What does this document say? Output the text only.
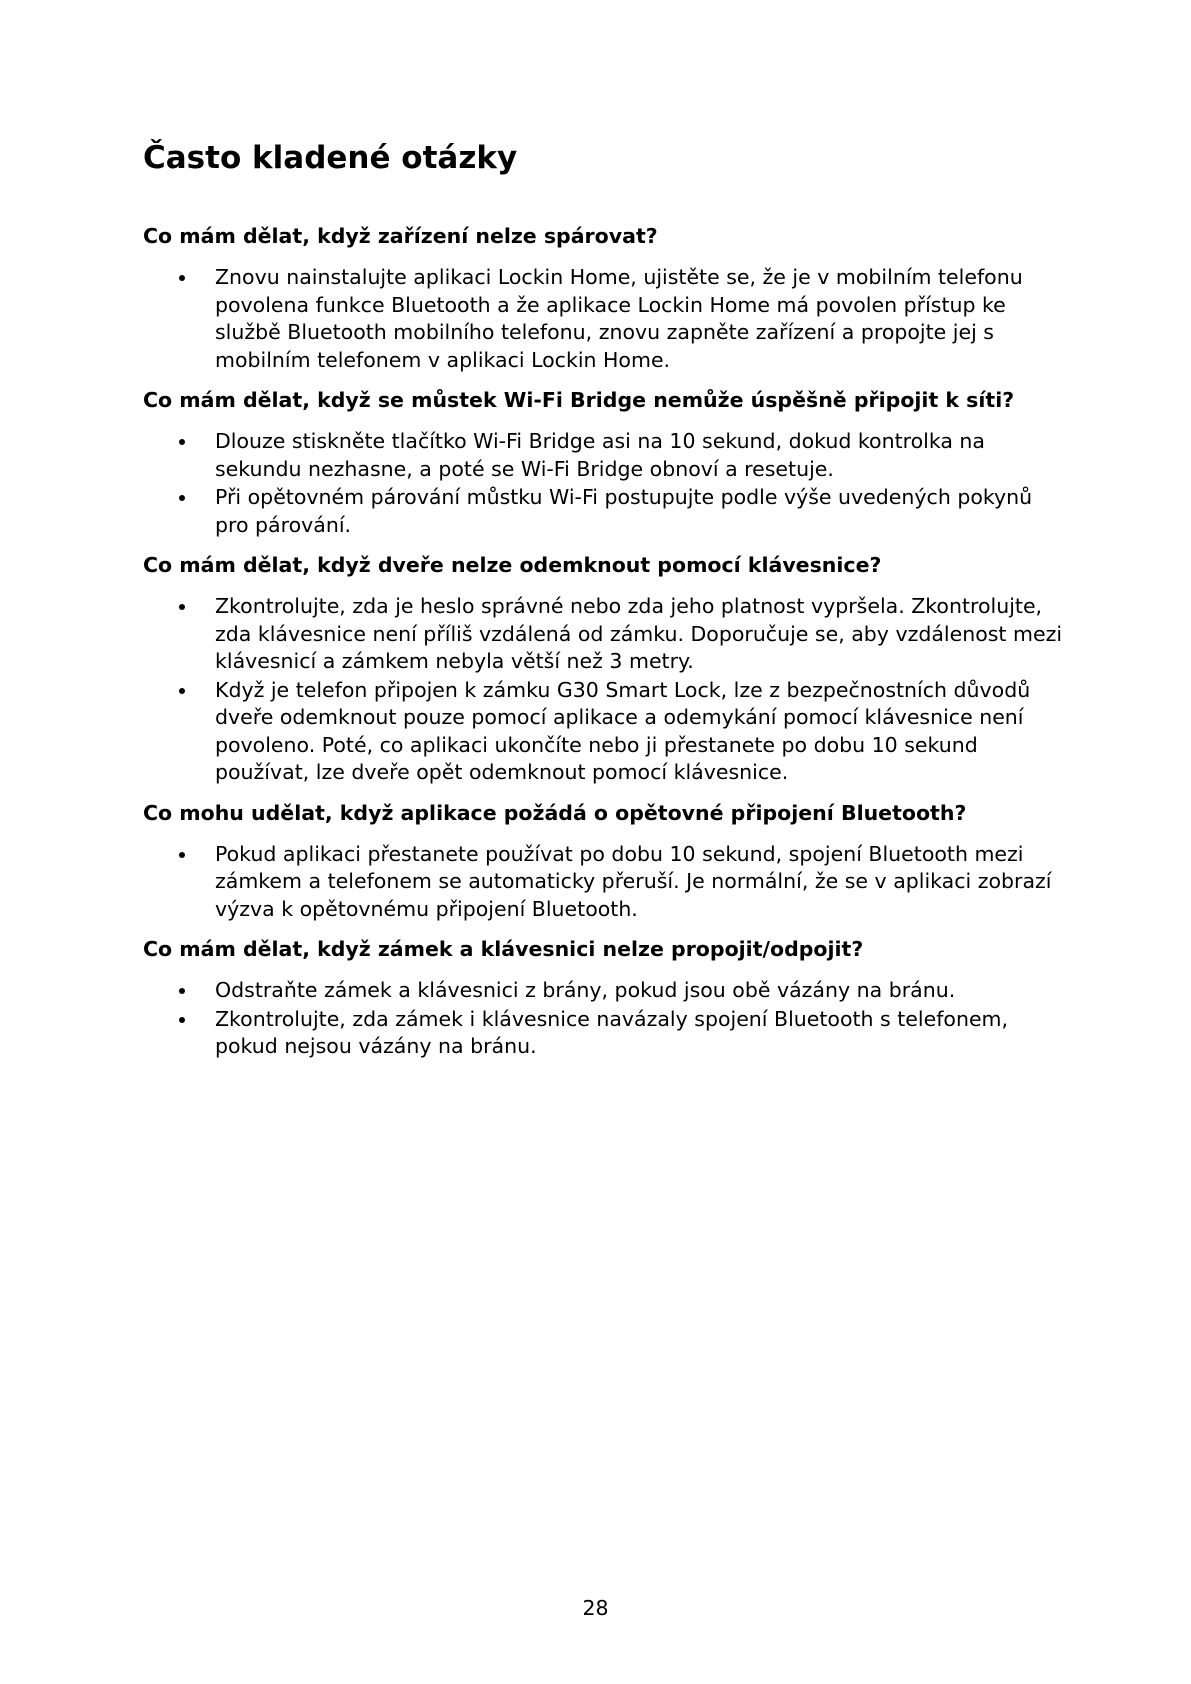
Často kladené otázky

Co mám dělat, když zařízení nelze spárovat?

Znovu nainstalujte aplikaci Lockin Home, ujistěte se, že je v mobilním telefonu povolena funkce Bluetooth a že aplikace Lockin Home má povolen přístup ke službě Bluetooth mobilního telefonu, znovu zapněte zařízení a propojte jej s mobilním telefonem v aplikaci Lockin Home.

Co mám dělat, když se můstek Wi-Fi Bridge nemůže úspěšně připojit k síti?

Dlouze stiskněte tlačítko Wi-Fi Bridge asi na 10 sekund, dokud kontrolka na sekundu nezhasne, a poté se Wi-Fi Bridge obnoví a resetuje.
Při opětovném párování můstku Wi-Fi postupujte podle výše uvedených pokynů pro párování.

Co mám dělat, když dveře nelze odemknout pomocí klávesnice?

Zkontrolujte, zda je heslo správné nebo zda jeho platnost vypršela. Zkontrolujte, zda klávesnice není příliš vzdálená od zámku. Doporučuje se, aby vzdálenost mezi klávesnicí a zámkem nebyla větší než 3 metry.
Když je telefon připojen k zámku G30 Smart Lock, lze z bezpečnostních důvodů dveře odemknout pouze pomocí aplikace a odemykání pomocí klávesnice není povoleno. Poté, co aplikaci ukončíte nebo ji přestanete po dobu 10 sekund používat, lze dveře opět odemknout pomocí klávesnice.

Co mohu udělat, když aplikace požádá o opětovné připojení Bluetooth?

Pokud aplikaci přestanete používat po dobu 10 sekund, spojení Bluetooth mezi zámkem a telefonem se automaticky přeruší. Je normální, že se v aplikaci zobrazí výzva k opětovnému připojení Bluetooth.

Co mám dělat, když zámek a klávesnici nelze propojit/odpojit?

Odstraňte zámek a klávesnici z brány, pokud jsou obě vázány na bránu.
Zkontrolujte, zda zámek i klávesnice navázaly spojení Bluetooth s telefonem, pokud nejsou vázány na bránu.
28
